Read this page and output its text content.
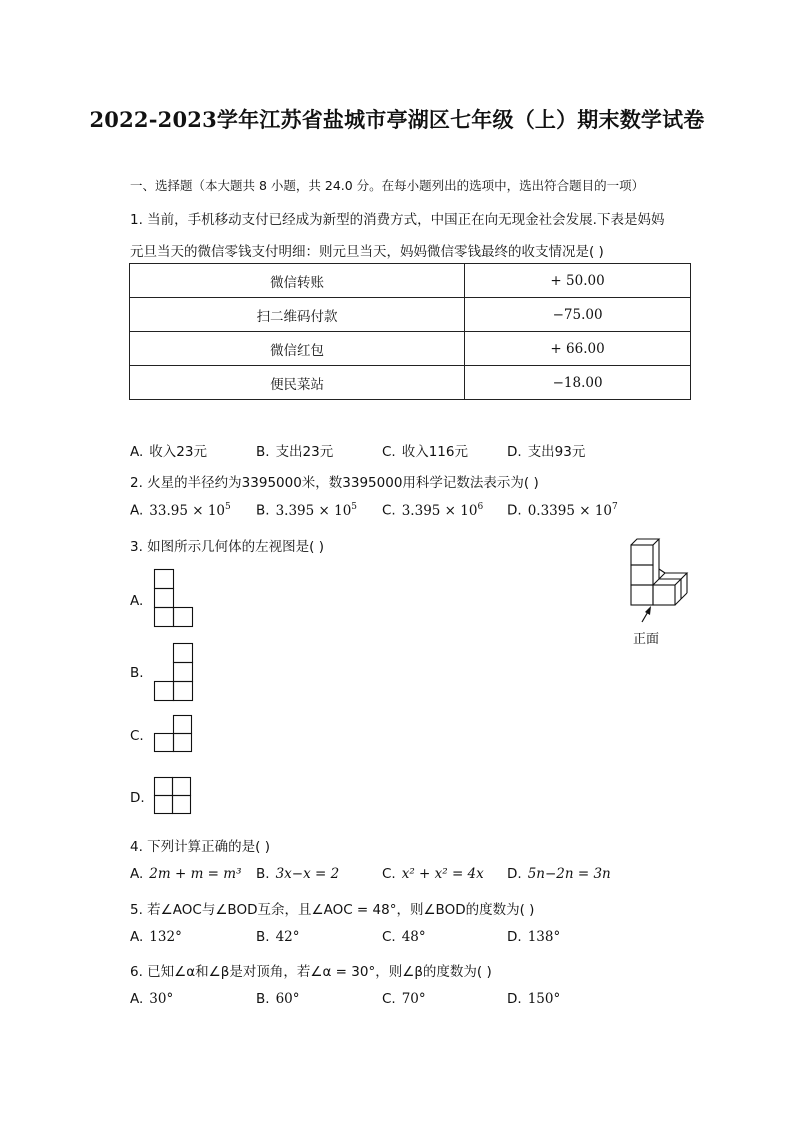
2022-2023学年江苏省盐城市亭湖区七年级（上）期末数学试卷
一、选择题（本大题共 8 小题，共 24.0 分。在每小题列出的选项中，选出符合题目的一项）
1. 当前，手机移动支付已经成为新型的消费方式，中国正在向无现金社会发展.下表是妈妈
元旦当天的微信零钱支付明细：则元旦当天，妈妈微信零钱最终的收支情况是( )
微信转账	+ 50.00
扫二维码付款	−75.00
微信红包	+ 66.00
便民菜站	−18.00
A. 收入23元	B. 支出23元	C. 收入116元	D. 支出93元
2. 火星的半径约为3395000米，数3395000用科学记数法表示为( )
A. $33.95 \times 10^5$ B. $3.395 \times 10^5$ C. $3.395 \times 10^6$ D. $0.3395 \times 10^7$
3. 如图所示几何体的左视图是( )
正面
A.
B.
C.
D.
4. 下列计算正确的是( )
A. 2m + m = m³ B. 3x−x = 2	C. x² + x² = 4x D. 5n−2n = 3n
5. 若∠AOC与∠BOD互余，且∠AOC = 48°，则∠BOD的度数为( )
A. 132°	B. 42°	C. 48°	D. 138°
6. 已知∠α和∠β是对顶角，若∠α = 30°，则∠β的度数为( )
A. 30°	B. 60°	C. 70°	D. 150°
